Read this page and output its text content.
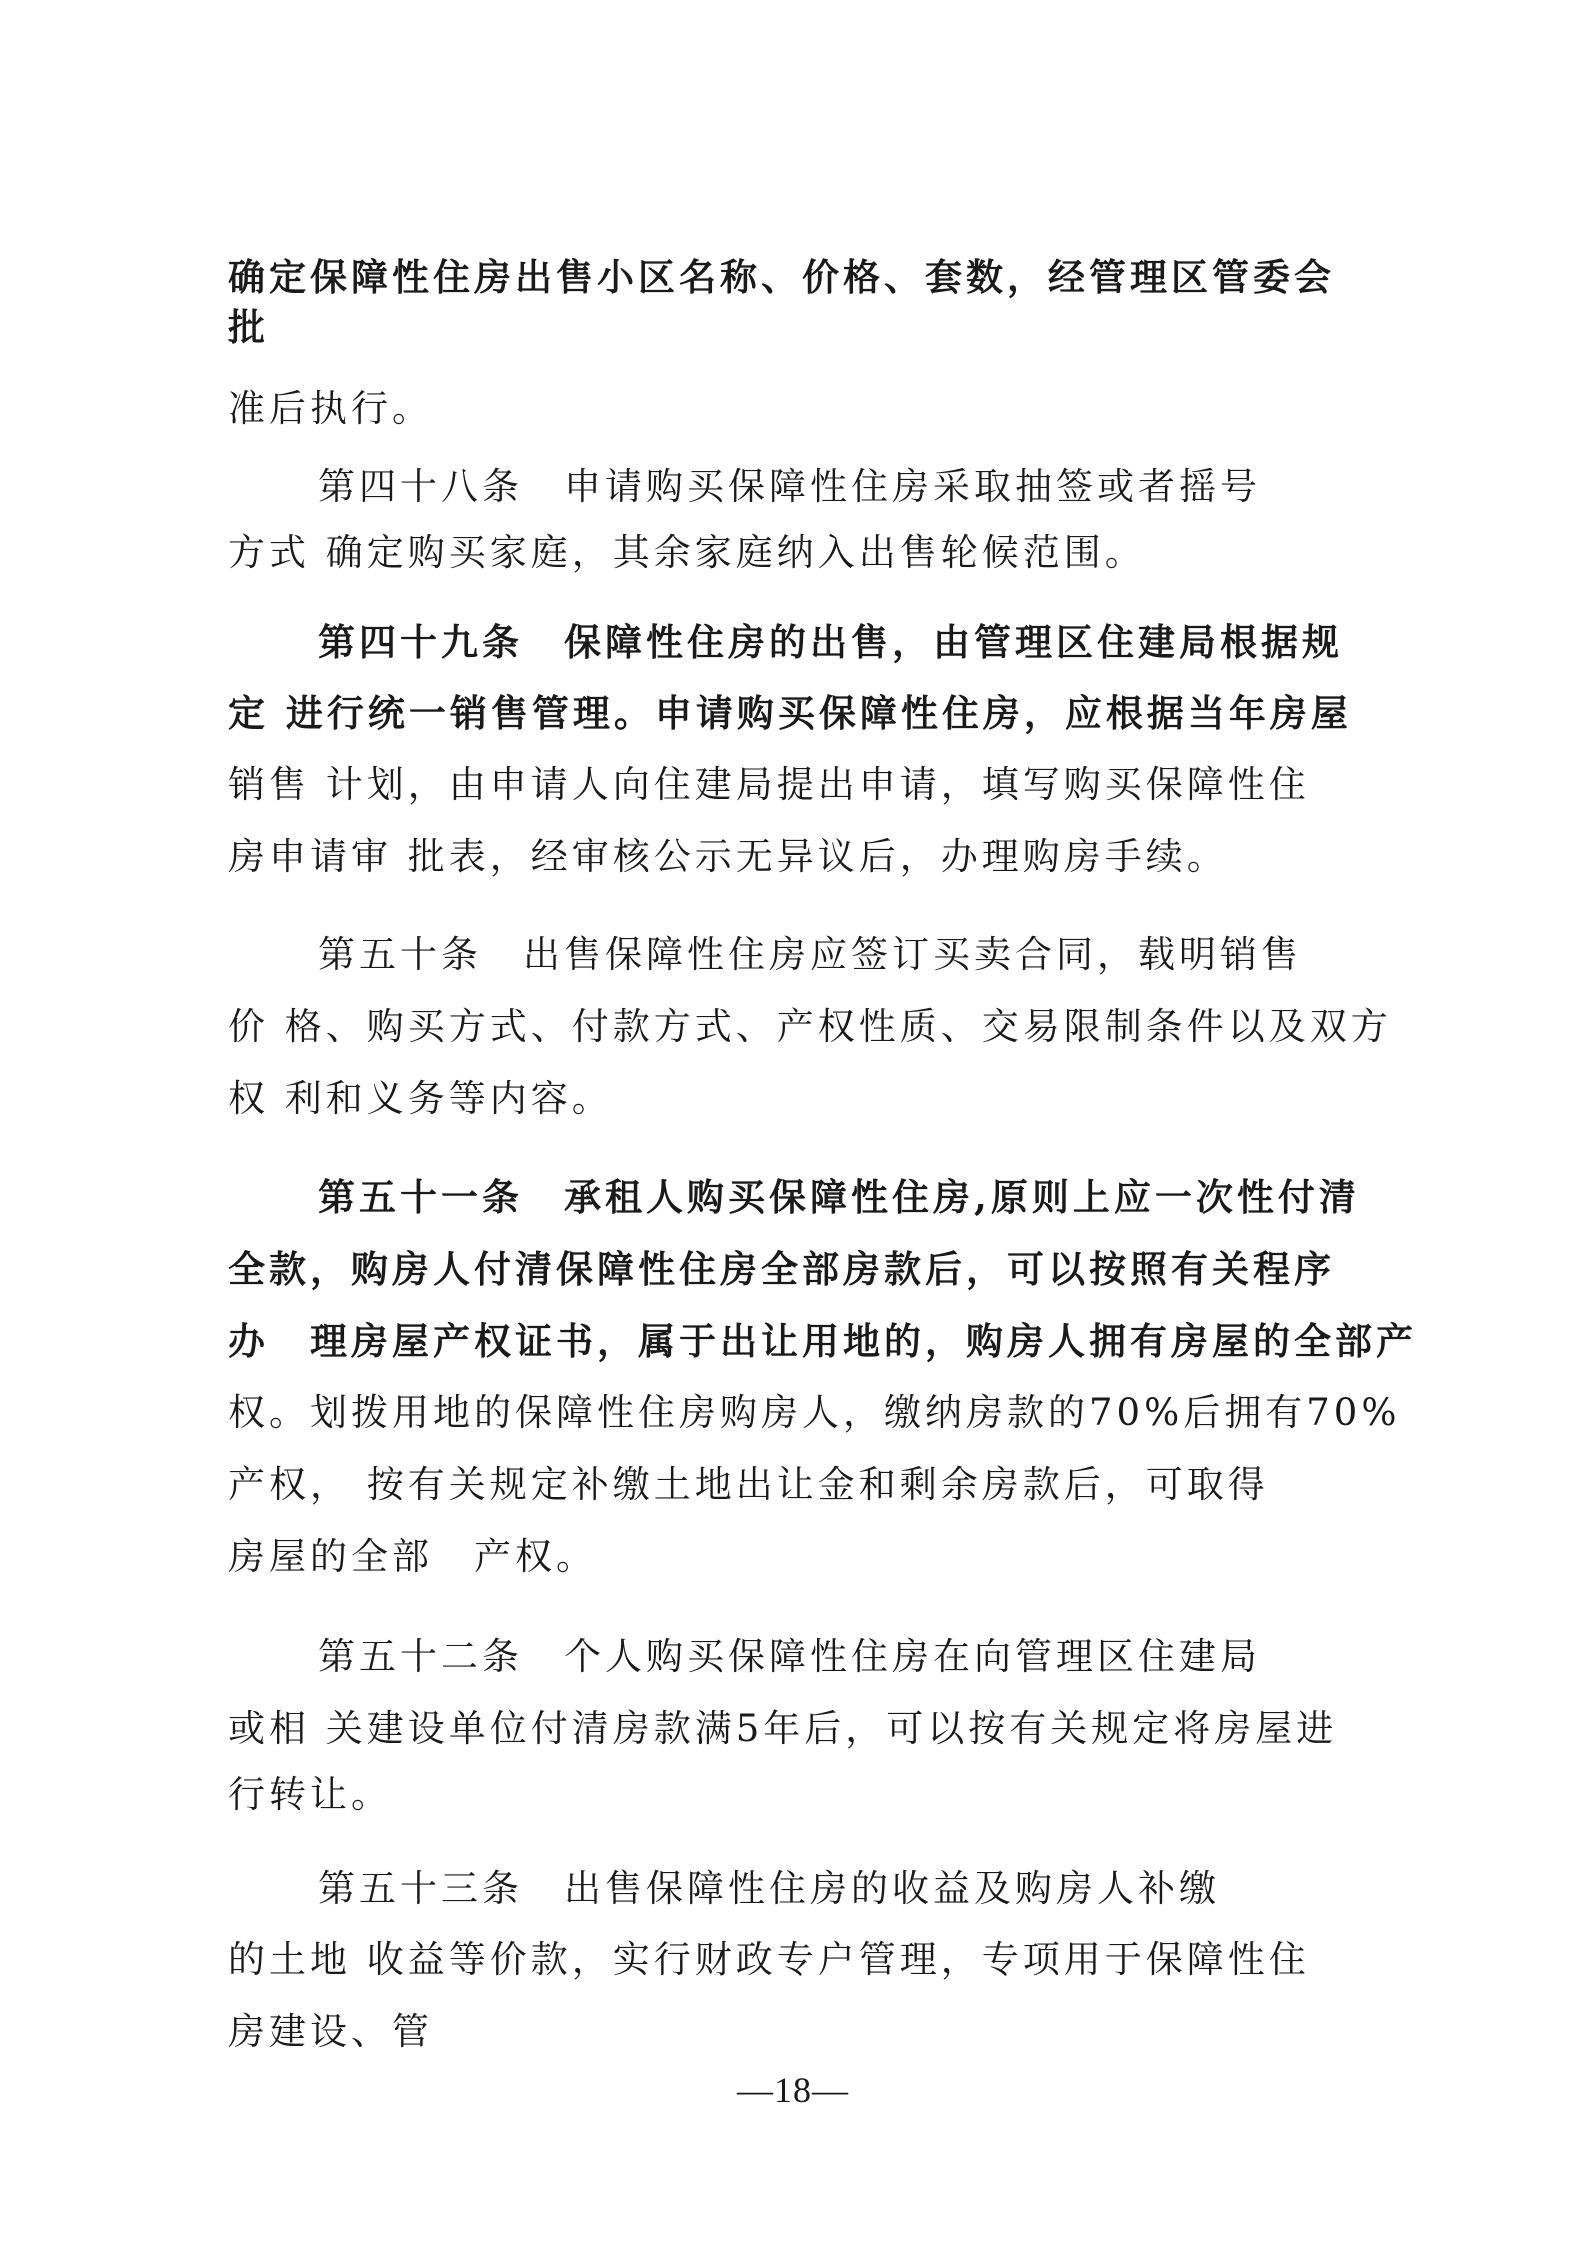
确定保障性住房出售小区名称、价格、套数，经管理区管委会
批
准后执行。
第四十八条　申请购买保障性住房采取抽签或者摇号
方式 确定购买家庭，其余家庭纳入出售轮候范围。
第四十九条　保障性住房的出售，由管理区住建局根据规
定 进行统一销售管理。申请购买保障性住房，应根据当年房屋
销售 计划，由申请人向住建局提出申请，填写购买保障性住
房申请审 批表，经审核公示无异议后，办理购房手续。
第五十条　出售保障性住房应签订买卖合同，载明销售
价 格、购买方式、付款方式、产权性质、交易限制条件以及双方
权 利和义务等内容。
第五十一条　承租人购买保障性住房,原则上应一次性付清
全款，购房人付清保障性住房全部房款后，可以按照有关程序
办　理房屋产权证书，属于出让用地的，购房人拥有房屋的全部产
权。划拨用地的保障性住房购房人，缴纳房款的70%后拥有70%
产权， 按有关规定补缴土地出让金和剩余房款后，可取得
房屋的全部　产权。
第五十二条　个人购买保障性住房在向管理区住建局
或相 关建设单位付清房款满5年后，可以按有关规定将房屋进
行转让。
第五十三条　出售保障性住房的收益及购房人补缴
的土地 收益等价款，实行财政专户管理，专项用于保障性住
房建设、管
—18—
